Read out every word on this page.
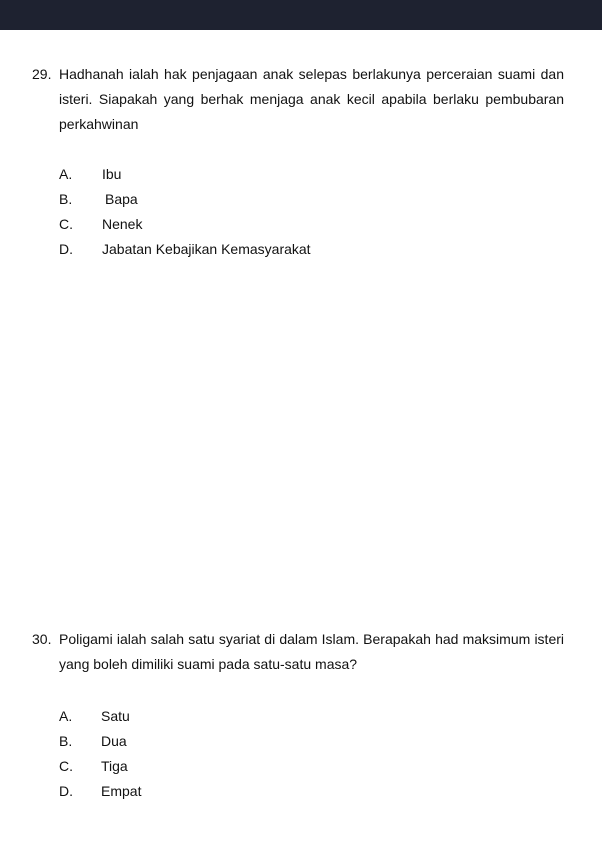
29. Hadhanah ialah hak penjagaan anak selepas berlakunya perceraian suami dan isteri. Siapakah yang berhak menjaga anak kecil apabila berlaku pembubaran perkahwinan
A. Ibu
B. Bapa
C. Nenek
D. Jabatan Kebajikan Kemasyarakat
30. Poligami ialah salah satu syariat di dalam Islam. Berapakah had maksimum isteri yang boleh dimiliki suami pada satu-satu masa?
A. Satu
B. Dua
C. Tiga
D. Empat
